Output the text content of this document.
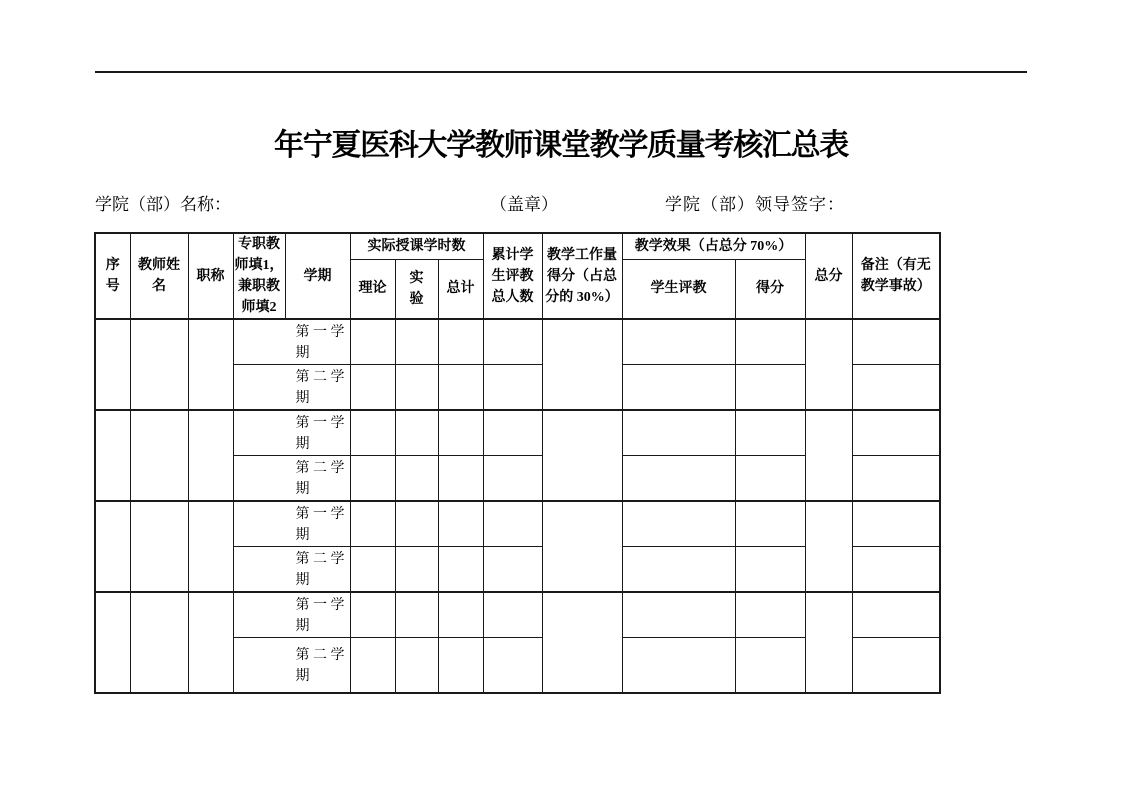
年宁夏医科大学教师课堂教学质量考核汇总表
学院（部）名称：	（盖章）	学院（部）领导签字：
序号	教师姓名	职称	专职教师填1，兼职教师填2	学期	实际授课学时数			累计学生评教总人数	教学工作量得分（占总分的 30%）	教学效果（占总分 70%）		总分	备注（有无教学事故）

					理论	实验	总计			学生评教	得分		

			第一学期										

			第二学期										

			第一学期										

			第二学期										

			第一学期										

			第二学期										

			第一学期										

			第二学期										
